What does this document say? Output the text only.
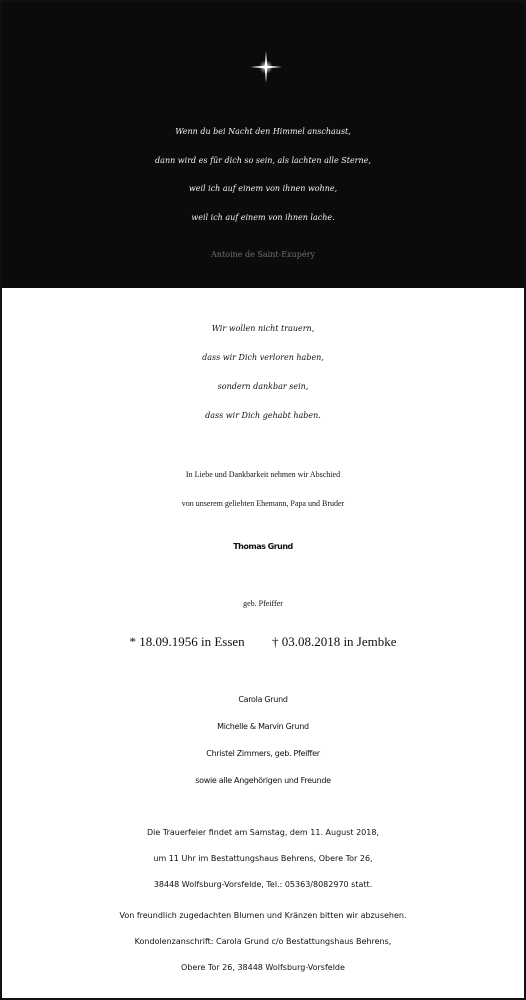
Wenn du bei Nacht den Himmel anschaust,
dann wird es für dich so sein, als lachten alle Sterne,
weil ich auf einem von ihnen wohne,
weil ich auf einem von ihnen lache.
Antoine de Saint-Exupéry
Wir wollen nicht trauern,
dass wir Dich verloren haben,
sondern dankbar sein,
dass wir Dich gehabt haben.
In Liebe und Dankbarkeit nehmen wir Abschied
von unserem geliebten Ehemann, Papa und Bruder
Thomas Grund
geb. Pfeiffer
* 18.09.1956 in Essen † 03.08.2018 in Jembke
Carola Grund
Michelle & Marvin Grund
Christel Zimmers, geb. Pfeiffer
sowie alle Angehörigen und Freunde
Die Trauerfeier findet am Samstag, dem 11. August 2018,
um 11 Uhr im Bestattungshaus Behrens, Obere Tor 26,
38448 Wolfsburg-Vorsfelde, Tel.: 05363/8082970 statt.
Von freundlich zugedachten Blumen und Kränzen bitten wir abzusehen.
Kondolenzanschrift: Carola Grund c/o Bestattungshaus Behrens,
Obere Tor 26, 38448 Wolfsburg-Vorsfelde
